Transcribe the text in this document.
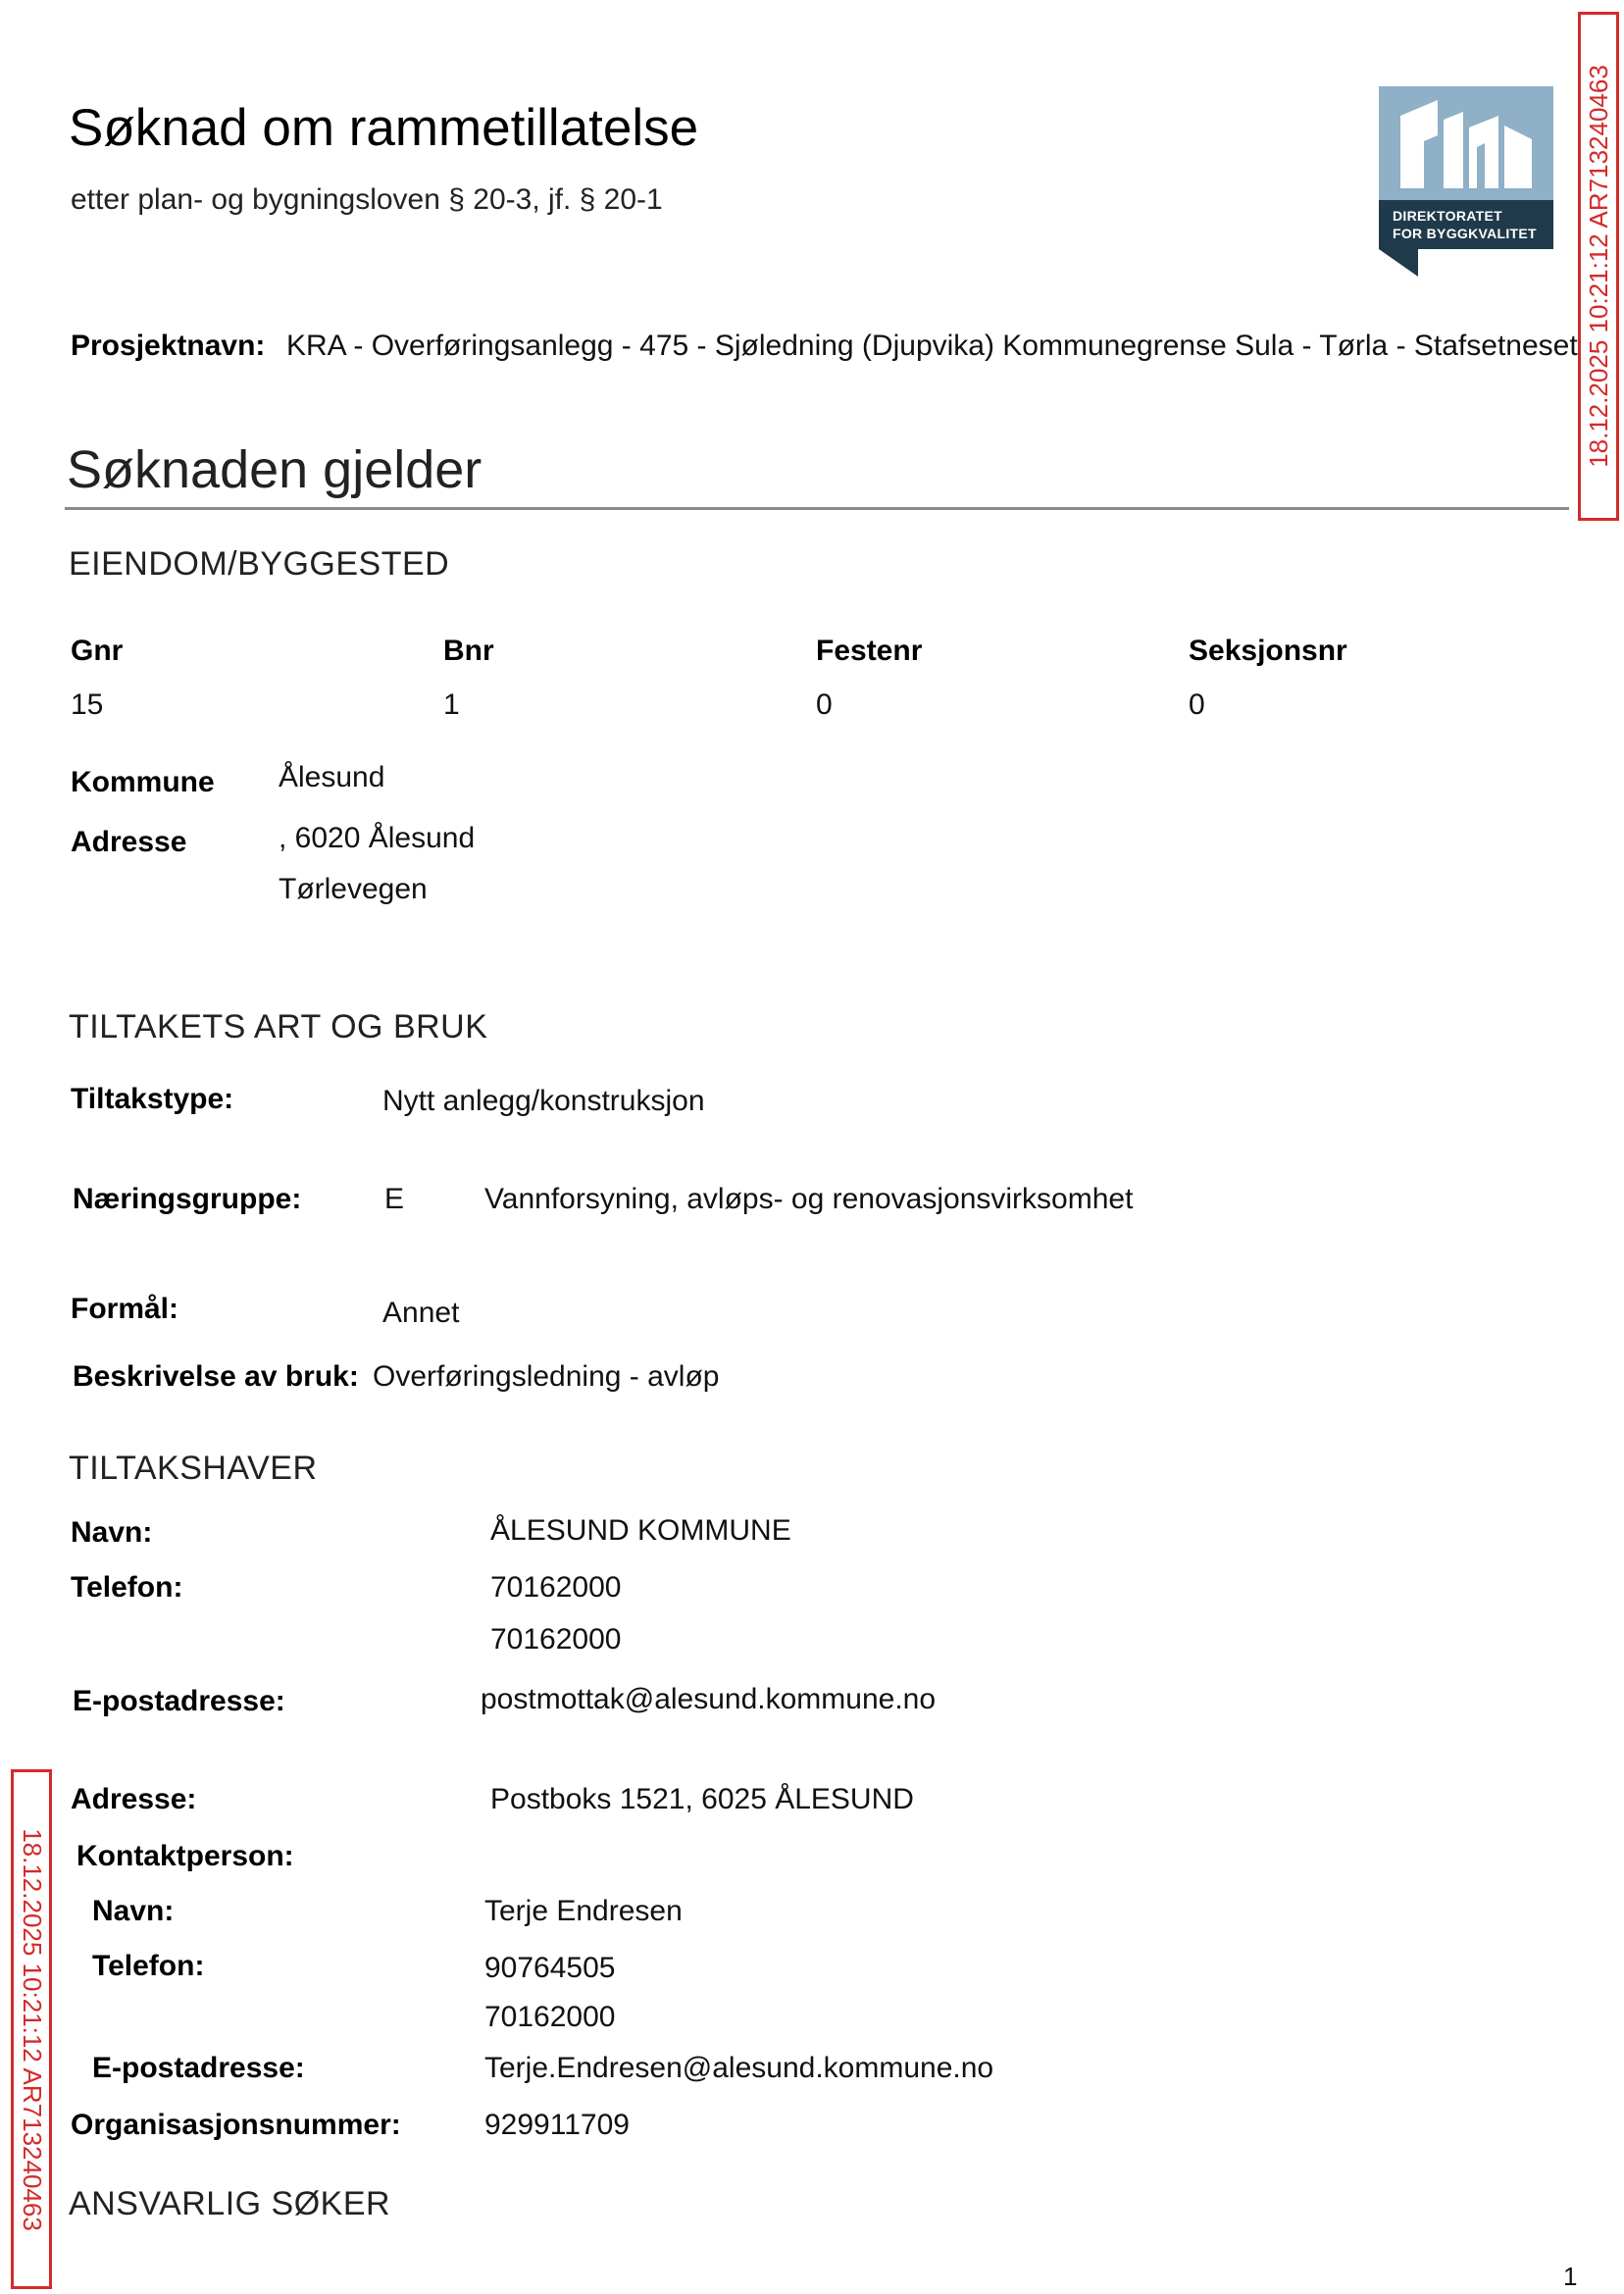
Søknad om rammetillatelse
etter plan- og bygningsloven § 20-3, jf. § 20-1	DIREKTORATET
FOR BYGGKVALITET 18.12.2025 10:21:12 AR713240463
18.12.2025 10:21:12 AR713240463
Prosjektnavn: KRA - Overføringsanlegg - 475 - Sjøledning (Djupvika) Kommunegrense Sula - Tørla - Stafsetneset
Søknaden gjelder
EIENDOM/BYGGESTED
Gnr	Bnr	Festenr	Seksjonsnr
15	1	0	0
Kommune Ålesund
Adresse	, 6020 Ålesund
Tørlevegen
TILTAKETS ART OG BRUK
Tiltakstype:	Nytt anlegg/konstruksjon
Næringsgruppe:	E	Vannforsyning, avløps- og renovasjonsvirksomhet
Formål:	Annet
Beskrivelse av bruk: Overføringsledning - avløp
TILTAKSHAVER
Navn:	ÅLESUND KOMMUNE
Telefon:	70162000
70162000
E-postadresse:	postmottak@alesund.kommune.no
Adresse:	Postboks 1521, 6025 ÅLESUND
Kontaktperson:
Navn:	Terje Endresen
Telefon:	90764505
70162000
E-postadresse:	Terje.Endresen@alesund.kommune.no
Organisasjonsnummer:	929911709
ANSVARLIG SØKER
1
